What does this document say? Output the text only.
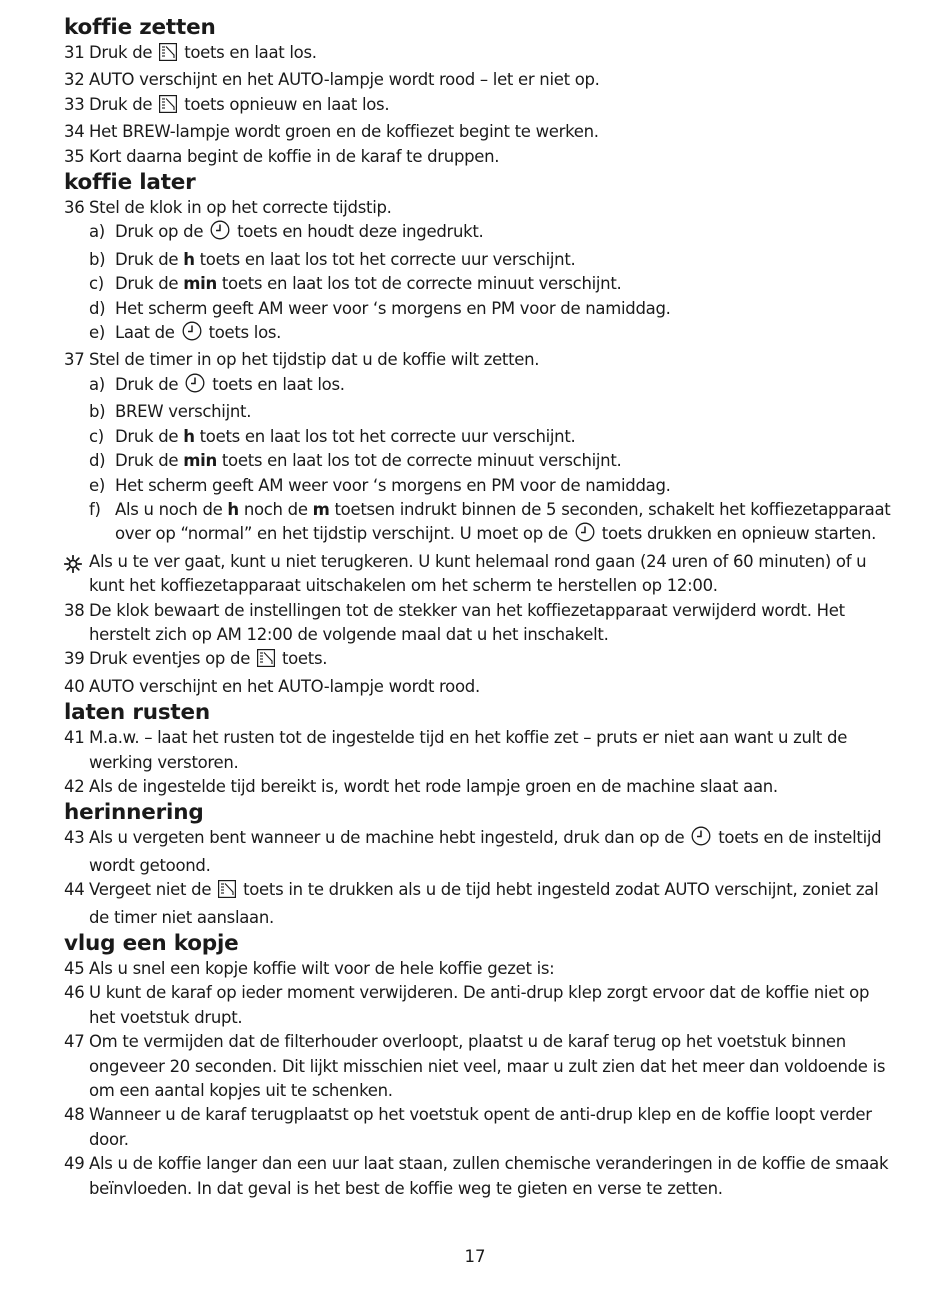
koffie zetten
31 Druk de toets en laat los.
32 AUTO verschijnt en het AUTO-lampje wordt rood – let er niet op.
33 Druk de toets opnieuw en laat los.
34 Het BREW-lampje wordt groen en de koffiezet begint te werken.
35 Kort daarna begint de koffie in de karaf te druppen.
koffie later
36 Stel de klok in op het correcte tijdstip.
a) Druk op de toets en houdt deze ingedrukt.
b) Druk de h toets en laat los tot het correcte uur verschijnt.
c) Druk de min toets en laat los tot de correcte minuut verschijnt.
d) Het scherm geeft AM weer voor ‘s morgens en PM voor de namiddag.
e) Laat de toets los.
37 Stel de timer in op het tijdstip dat u de koffie wilt zetten.
a) Druk de toets en laat los.
b) BREW verschijnt.
c) Druk de h toets en laat los tot het correcte uur verschijnt.
d) Druk de min toets en laat los tot de correcte minuut verschijnt.
e) Het scherm geeft AM weer voor ‘s morgens en PM voor de namiddag.
f) Als u noch de h noch de m toetsen indrukt binnen de 5 seconden, schakelt het koffiezetapparaat over op “normal” en het tijdstip verschijnt. U moet op de toets drukken en opnieuw starten.
Als u te ver gaat, kunt u niet terugkeren. U kunt helemaal rond gaan (24 uren of 60 minuten) of u kunt het koffiezetapparaat uitschakelen om het scherm te herstellen op 12:00.
38 De klok bewaart de instellingen tot de stekker van het koffiezetapparaat verwijderd wordt. Het herstelt zich op AM 12:00 de volgende maal dat u het inschakelt.
39 Druk eventjes op de toets.
40 AUTO verschijnt en het AUTO-lampje wordt rood.
laten rusten
41 M.a.w. – laat het rusten tot de ingestelde tijd en het koffie zet – pruts er niet aan want u zult de werking verstoren.
42 Als de ingestelde tijd bereikt is, wordt het rode lampje groen en de machine slaat aan.
herinnering
43 Als u vergeten bent wanneer u de machine hebt ingesteld, druk dan op de toets en de insteltijd wordt getoond.
44 Vergeet niet de toets in te drukken als u de tijd hebt ingesteld zodat AUTO verschijnt, zoniet zal de timer niet aanslaan.
vlug een kopje
45 Als u snel een kopje koffie wilt voor de hele koffie gezet is:
46 U kunt de karaf op ieder moment verwijderen. De anti-drup klep zorgt ervoor dat de koffie niet op het voetstuk drupt.
47 Om te vermijden dat de filterhouder overloopt, plaatst u de karaf terug op het voetstuk binnen ongeveer 20 seconden. Dit lijkt misschien niet veel, maar u zult zien dat het meer dan voldoende is om een aantal kopjes uit te schenken.
48 Wanneer u de karaf terugplaatst op het voetstuk opent de anti-drup klep en de koffie loopt verder door.
49 Als u de koffie langer dan een uur laat staan, zullen chemische veranderingen in de koffie de smaak beïnvloeden. In dat geval is het best de koffie weg te gieten en verse te zetten.
17
